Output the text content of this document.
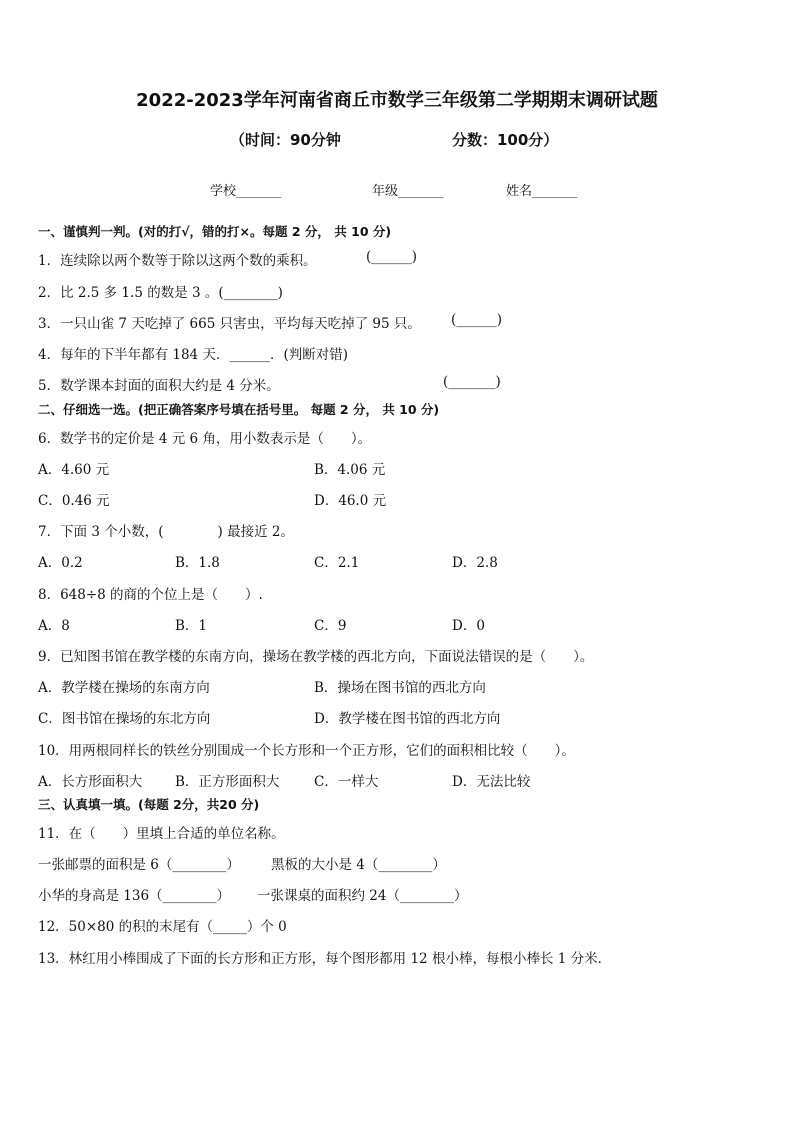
2022-2023学年河南省商丘市数学三年级第二学期期末调研试题
（时间：90分钟	分数：100分）
学校_______	年级_______	姓名_______
一、谨慎判一判。(对的打√，错的打×。每题 2 分， 共 10 分)
1．连续除以两个数等于除以这两个数的乘积。	(______)
2．比 2.5 多 1.5 的数是 3 。(________)
3．一只山雀 7 天吃掉了 665 只害虫，平均每天吃掉了 95 只。 (______)
4．每年的下半年都有 184 天．______．(判断对错)
5．数学课本封面的面积大约是 4 分米。	(_______)
二、仔细选一选。(把正确答案序号填在括号里。 每题 2 分， 共 10 分)
6．数学书的定价是 4 元 6 角，用小数表示是（　　）。
A．4.60 元	B．4.06 元
C．0.46 元	D．46.0 元
7．下面 3 个小数，(　　　　) 最接近 2。
A．0.2	B．1.8	C．2.1	D．2.8
8．648÷8 的商的个位上是（　　）.
A．8	B．1	C．9	D．0
9．已知图书馆在教学楼的东南方向，操场在教学楼的西北方向，下面说法错误的是（　　）。
A．教学楼在操场的东南方向	B．操场在图书馆的西北方向
C．图书馆在操场的东北方向	D．教学楼在图书馆的西北方向
10．用两根同样长的铁丝分别围成一个长方形和一个正方形，它们的面积相比较（　　）。
A．长方形面积大 B．正方形面积大	C．一样大	D．无法比较
三、认真填一填。(每题 2分，共20 分)
11．在（　　）里填上合适的单位名称。
一张邮票的面积是 6（________） 黑板的大小是 4（________）
小华的身高是 136（________） 一张课桌的面积约 24（________）
12．50×80 的积的末尾有（_____）个 0
13．林红用小棒围成了下面的长方形和正方形，每个图形都用 12 根小棒，每根小棒长 1 分米．
